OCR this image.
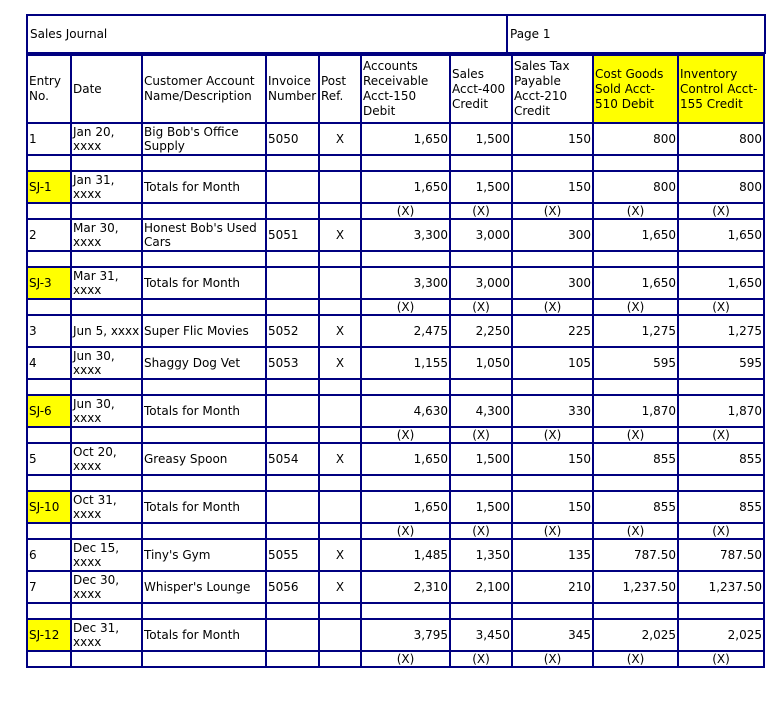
Sales Journal	Page 1
Entry No.	Date	Customer Account Name/Description	Invoice Number	Post Ref.	Accounts Receivable Acct-150 Debit	Sales Acct-400 Credit	Sales Tax Payable Acct-210 Credit	Cost Goods Sold Acct-510 Debit	Inventory Control Acct-155 Credit
1	Jan 20, xxxx	Big Bob's Office Supply	5050	X	1,650	1,500	150	800	800

SJ-1	Jan 31, xxxx	Totals for Month			1,650	1,500	150	800	800
					(X)	(X)	(X)	(X)	(X)
2	Mar 30, xxxx	Honest Bob's Used Cars	5051	X	3,300	3,000	300	1,650	1,650

SJ-3	Mar 31, xxxx	Totals for Month			3,300	3,000	300	1,650	1,650
					(X)	(X)	(X)	(X)	(X)
3	Jun 5, xxxx	Super Flic Movies	5052	X	2,475	2,250	225	1,275	1,275
4	Jun 30, xxxx	Shaggy Dog Vet	5053	X	1,155	1,050	105	595	595

SJ-6	Jun 30, xxxx	Totals for Month			4,630	4,300	330	1,870	1,870
					(X)	(X)	(X)	(X)	(X)
5	Oct 20, xxxx	Greasy Spoon	5054	X	1,650	1,500	150	855	855

SJ-10	Oct 31, xxxx	Totals for Month			1,650	1,500	150	855	855
					(X)	(X)	(X)	(X)	(X)
6	Dec 15, xxxx	Tiny's Gym	5055	X	1,485	1,350	135	787.50	787.50
7	Dec 30, xxxx	Whisper's Lounge	5056	X	2,310	2,100	210	1,237.50	1,237.50

SJ-12	Dec 31, xxxx	Totals for Month			3,795	3,450	345	2,025	2,025
					(X)	(X)	(X)	(X)	(X)
